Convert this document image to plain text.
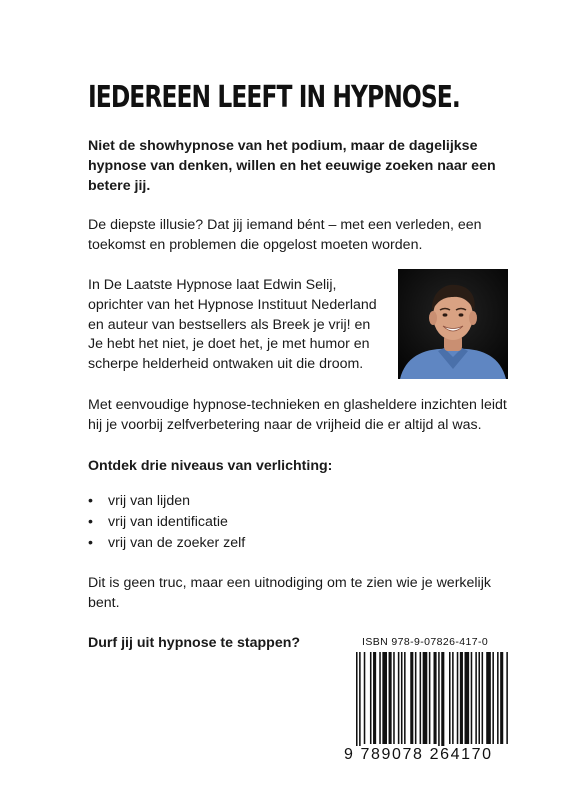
IEDEREEN LEEFT IN HYPNOSE.

Niet de showhypnose van het podium, maar de dagelijkse hypnose van denken, willen en het eeuwige zoeken naar een betere jij.

De diepste illusie? Dat jij iemand bént – met een verleden, een toekomst en problemen die opgelost moeten worden.

In De Laatste Hypnose laat Edwin Selij, oprichter van het Hypnose Instituut Nederland en auteur van bestsellers als Breek je vrij! en Je hebt het niet, je doet het, je met humor en scherpe helderheid ontwaken uit die droom.

Met eenvoudige hypnose-technieken en glasheldere inzichten leidt hij je voorbij zelfverbetering naar de vrijheid die er altijd al was.

Ontdek drie niveaus van verlichting:

• vrij van lijden
• vrij van identificatie
• vrij van de zoeker zelf

Dit is geen truc, maar een uitnodiging om te zien wie je werkelijk bent.

Durf jij uit hypnose te stappen?	ISBN 978-9-07826-417-0
9 789078 264170
